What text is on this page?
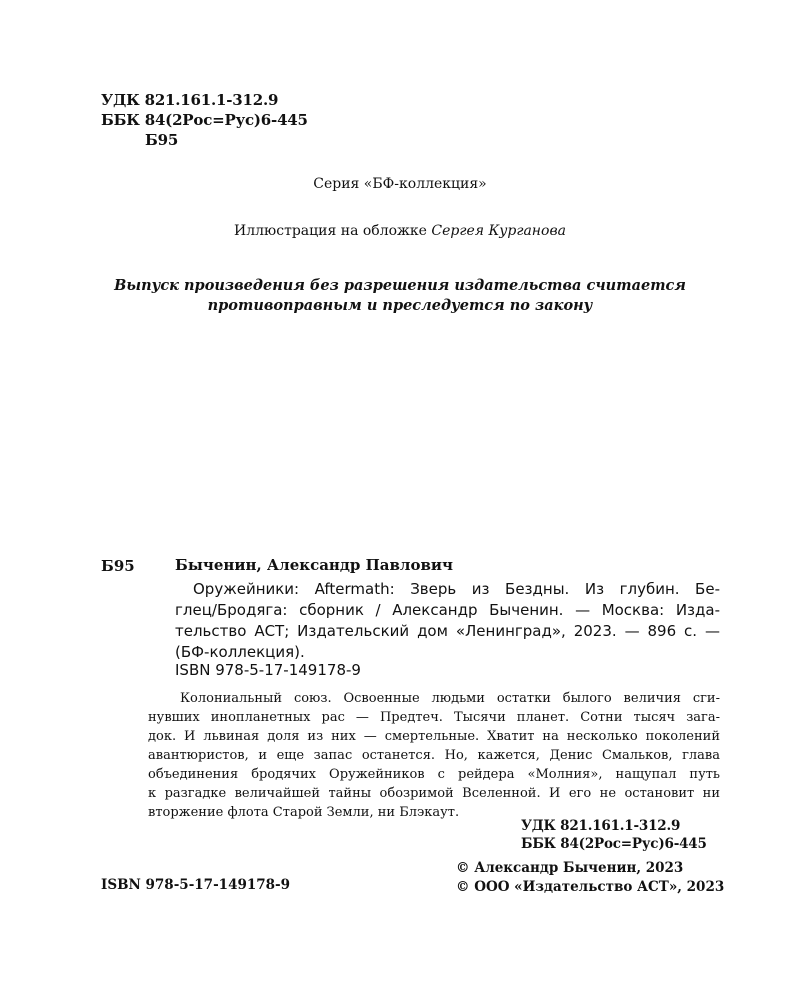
УДК 821.161.1-312.9
ББК 84(2Рос=Рус)6-445
Б95
Серия «БФ-коллекция»
Иллюстрация на обложке Сергея Курганова
Выпуск произведения без разрешения издательства считается
противоправным и преследуется по закону
Б95	Быченин, Александр Павлович
Оружейники: Aftermath: Зверь из Бездны. Из глубин. Бе-
глец/Бродяга: сборник / Александр Быченин. — Москва: Изда-
тельство АСТ; Издательский дом «Ленинград», 2023. — 896 с. —
(БФ-коллекция).
ISBN 978-5-17-149178-9
Колониальный союз. Освоенные людьми остатки былого величия сги-
нувших инопланетных рас — Предтеч. Тысячи планет. Сотни тысяч зага-
док. И львиная доля из них — смертельные. Хватит на несколько поколений
авантюристов, и еще запас останется. Но, кажется, Денис Смальков, глава
объединения бродячих Оружейников с рейдера «Молния», нащупал путь
к разгадке величайшей тайны обозримой Вселенной. И его не остановит ни
вторжение флота Старой Земли, ни Блэкаут.
УДК 821.161.1-312.9
ББК 84(2Рос=Рус)6-445
ISBN 978-5-17-149178-9
© Александр Быченин, 2023
© ООО «Издательство АСТ», 2023
